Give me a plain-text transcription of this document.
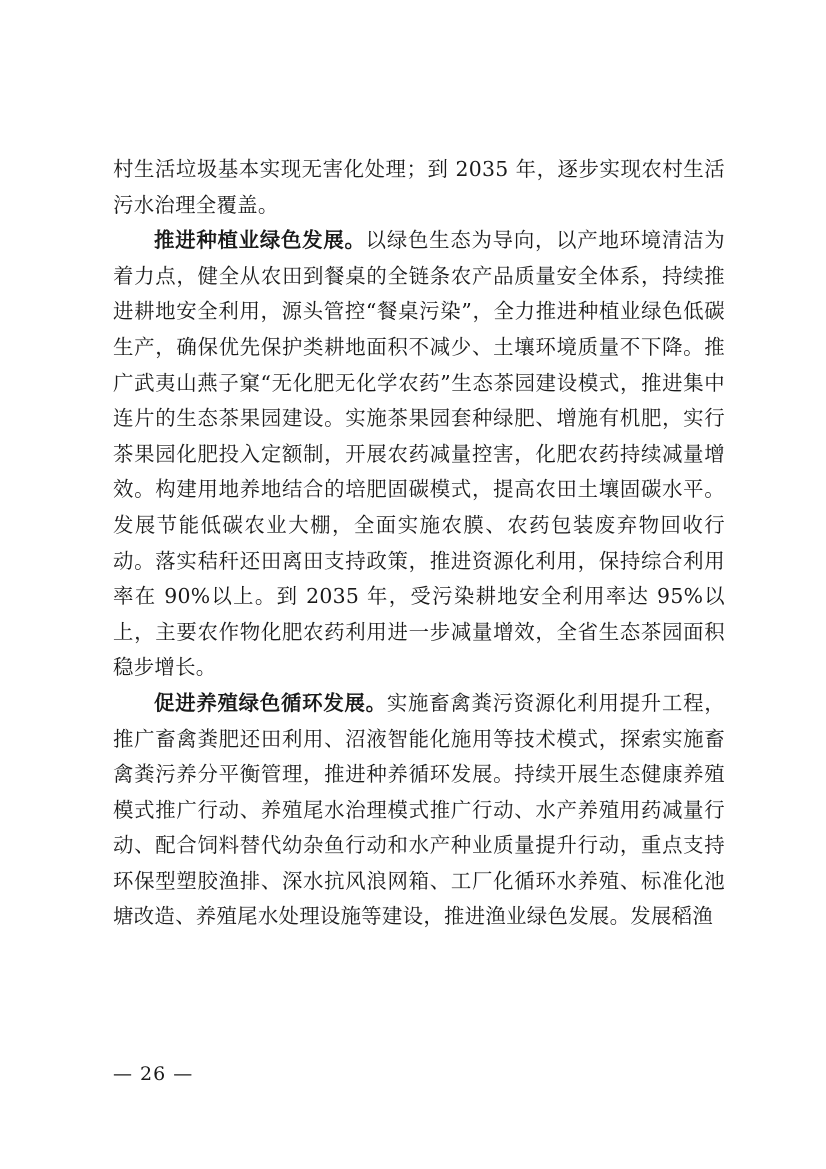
村生活垃圾基本实现无害化处理；到 2035 年，逐步实现农村生活污水治理全覆盖。

推进种植业绿色发展。以绿色生态为导向，以产地环境清洁为着力点，健全从农田到餐桌的全链条农产品质量安全体系，持续推进耕地安全利用，源头管控“餐桌污染”，全力推进种植业绿色低碳生产，确保优先保护类耕地面积不减少、土壤环境质量不下降。推广武夷山燕子窠“无化肥无化学农药”生态茶园建设模式，推进集中连片的生态茶果园建设。实施茶果园套种绿肥、增施有机肥，实行茶果园化肥投入定额制，开展农药减量控害，化肥农药持续减量增效。构建用地养地结合的培肥固碳模式，提高农田土壤固碳水平。发展节能低碳农业大棚，全面实施农膜、农药包装废弃物回收行动。落实秸秆还田离田支持政策，推进资源化利用，保持综合利用率在 90%以上。到 2035 年，受污染耕地安全利用率达 95%以上，主要农作物化肥农药利用进一步减量增效，全省生态茶园面积稳步增长。

促进养殖绿色循环发展。实施畜禽粪污资源化利用提升工程，推广畜禽粪肥还田利用、沼液智能化施用等技术模式，探索实施畜禽粪污养分平衡管理，推进种养循环发展。持续开展生态健康养殖模式推广行动、养殖尾水治理模式推广行动、水产养殖用药减量行动、配合饲料替代幼杂鱼行动和水产种业质量提升行动，重点支持环保型塑胶渔排、深水抗风浪网箱、工厂化循环水养殖、标准化池塘改造、养殖尾水处理设施等建设，推进渔业绿色发展。发展稻渔

— 26 —
